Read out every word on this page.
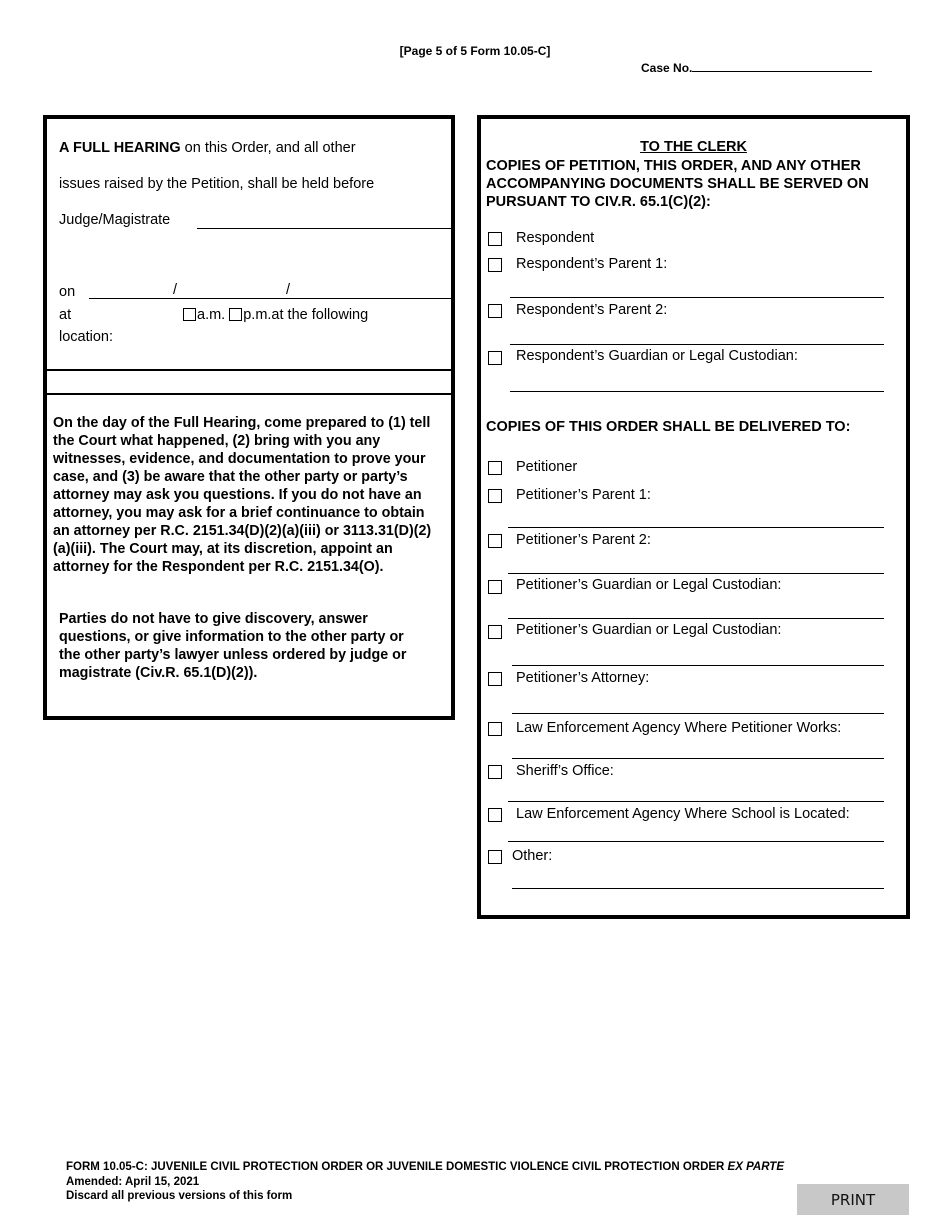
[Page 5 of 5 Form 10.05-C]
Case No.
A FULL HEARING on this Order, and all other
issues raised by the Petition, shall be held before
Judge/Magistrate
on	/	/
at	a.m. p.m.at the following
location:
On the day of the Full Hearing, come prepared to (1) tell the Court what happened, (2) bring with you any witnesses, evidence, and documentation to prove your case, and (3) be aware that the other party or party’s attorney may ask you questions. If you do not have an attorney, you may ask for a brief continuance to obtain an attorney per R.C. 2151.34(D)(2)(a)(iii) or 3113.31(D)(2)(a)(iii). The Court may, at its discretion, appoint an attorney for the Respondent per R.C. 2151.34(O).
Parties do not have to give discovery, answer questions, or give information to the other party or the other party’s lawyer unless ordered by judge or magistrate (Civ.R. 65.1(D)(2)).
TO THE CLERK
COPIES OF PETITION, THIS ORDER, AND ANY OTHER ACCOMPANYING DOCUMENTS SHALL BE SERVED ON PURSUANT TO CIV.R. 65.1(C)(2):
Respondent
Respondent’s Parent 1:
Respondent’s Parent 2:
Respondent’s Guardian or Legal Custodian:
COPIES OF THIS ORDER SHALL BE DELIVERED TO:
Petitioner
Petitioner’s Parent 1:
Petitioner’s Parent 2:
Petitioner’s Guardian or Legal Custodian:
Petitioner’s Guardian or Legal Custodian:
Petitioner’s Attorney:
Law Enforcement Agency Where Petitioner Works:
Sheriff’s Office:
Law Enforcement Agency Where School is Located:
Other:
FORM 10.05-C: JUVENILE CIVIL PROTECTION ORDER OR JUVENILE DOMESTIC VIOLENCE CIVIL PROTECTION ORDER EX PARTE
Amended: April 15, 2021
Discard all previous versions of this form	PRINT
